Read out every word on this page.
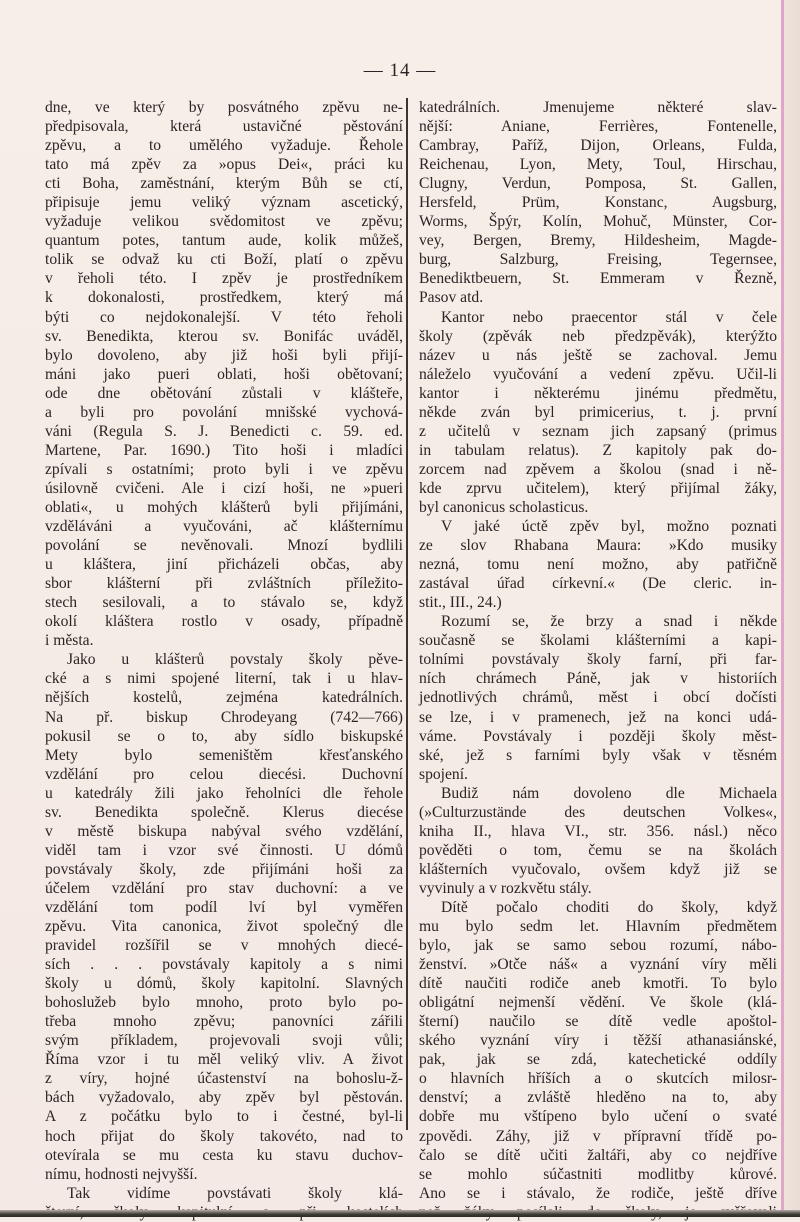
— 14 —
dne, ve který by posvátného zpěvu ne-
předpisovala, která ustavičné pěstování
zpěvu, a to umělého vyžaduje. Řehole
tato má zpěv za »opus Dei«, práci ku
cti Boha, zaměstnání, kterým Bůh se ctí,
připisuje jemu veliký význam ascetický,
vyžaduje velikou svědomitost ve zpěvu;
quantum potes, tantum aude, kolik můžeš,
tolik se odvaž ku cti Boží, platí o zpěvu
v řeholi této. I zpěv je prostředníkem
k dokonalosti, prostředkem, který má
býti co nejdokonalejší. V této řeholi
sv. Benedikta, kterou sv. Bonifác uváděl,
bylo dovoleno, aby již hoši byli přijí-
máni jako pueri oblati, hoši obětovaní;
ode dne obětování zůstali v klášteře,
a byli pro povolání mnišské vychová-
váni (Regula S. J. Benedicti c. 59. ed.
Martene, Par. 1690.) Tito hoši i mladíci
zpívali s ostatními; proto byli i ve zpěvu
úsilovně cvičeni. Ale i cizí hoši, ne »pueri
oblati«, u mohých klášterů byli přijímáni,
vzděláváni a vyučováni, ač klášternímu
povolání se nevěnovali. Mnozí bydlili
u kláštera, jiní přicházeli občas, aby
sbor klášterní při zvláštních příležito-
stech sesilovali, a to stávalo se, když
okolí kláštera rostlo v osady, případně
i města.
Jako u klášterů povstaly školy pěve-
cké a s nimi spojené literní, tak i u hlav-
nějších kostelů, zejména katedrálních.
Na př. biskup Chrodeyang (742—766)
pokusil se o to, aby sídlo biskupské
Mety bylo semeništěm křesťanského
vzdělání pro celou diecési. Duchovní
u katedrály žili jako řeholníci dle řehole
sv. Benedikta společně. Klerus diecése
v městě biskupa nabýval svého vzdělání,
viděl tam i vzor své činnosti. U dómů
povstávaly školy, zde přijímáni hoši za
účelem vzdělání pro stav duchovní: a ve
vzdělání tom podíl lví byl vyměřen
zpěvu. Vita canonica, život společný dle
pravidel rozšířil se v mnohých diecé-
sích . . . povstávaly kapitoly a s nimi
školy u dómů, školy kapitolní. Slavných
bohoslužeb bylo mnoho, proto bylo po-
třeba mnoho zpěvu; panovníci zářili
svým příkladem, projevovali svoji vůli;
Říma vzor i tu měl veliký vliv. A život
z víry, hojné účastenství na bohoslu-ž-
bách vyžadovalo, aby zpěv byl pěstován.
A z počátku bylo to i čestné, byl-li
hoch přijat do školy takovéto, nad to
otevírala se mu cesta ku stavu duchov-
nímu, hodnosti nejvyšší.
Tak vidíme povstávati školy klá-
katedrálních. Jmenujeme některé slav-
nější: Aniane, Ferrières, Fontenelle,
Cambray, Paříž, Dijon, Orleans, Fulda,
Reichenau, Lyon, Mety, Toul, Hirschau,
Clugny, Verdun, Pomposa, St. Gallen,
Hersfeld, Prüm, Konstanc, Augsburg,
Worms, Špýr, Kolín, Mohuč, Münster, Cor-
vey, Bergen, Bremy, Hildesheim, Magde-
burg, Salzburg, Freising, Tegernsee,
Benediktbeuern, St. Emmeram v Řezně,
Pasov atd.
Kantor nebo praecentor stál v čele
školy (zpěvák neb předzpěvák), kterýžto
název u nás ještě se zachoval. Jemu
náleželo vyučování a vedení zpěvu. Učil-li
kantor i některému jinému předmětu,
někde zván byl primicerius, t. j. první
z učitelů v seznam jich zapsaný (primus
in tabulam relatus). Z kapitoly pak do-
zorcem nad zpěvem a školou (snad i ně-
kde zprvu učitelem), který přijímal žáky,
byl canonicus scholasticus.
V jaké úctě zpěv byl, možno poznati
ze slov Rhabana Maura: »Kdo musiky
nezná, tomu není možno, aby patřičně
zastával úřad církevní.« (De cleric. in-
stit., III., 24.)
Rozumí se, že brzy a snad i někde
současně se školami klášterními a kapi-
tolními povstávaly školy farní, při far-
ních chrámech Páně, jak v historiích
jednotlivých chrámů, měst i obcí dočísti
se lze, i v pramenech, jež na konci udá-
váme. Povstávaly i později školy měst-
ské, jež s farními byly však v těsném
spojení.
Budiž nám dovoleno dle Michaela
(»Culturzustände des deutschen Volkes«,
kniha II., hlava VI., str. 356. násl.) něco
pověděti o tom, čemu se na školách
klášterních vyučovalo, ovšem když již se
vyvinuly a v rozkvětu stály.
Dítě počalo choditi do školy, když
mu bylo sedm let. Hlavním předmětem
bylo, jak se samo sebou rozumí, nábo-
ženství. »Otče náš« a vyznání víry měli
dítě naučiti rodiče aneb kmotři. To bylo
obligátní nejmenší vědění. Ve škole (klá-
šterní) naučilo se dítě vedle apoštol-
ského vyznání víry i těžší athanasiánské,
pak, jak se zdá, katechetické oddíly
o hlavních hříších a o skutcích milosr-
denství; a zvláště hleděno na to, aby
dobře mu vštípeno bylo učení o svaté
zpovědi. Záhy, již v přípravní třídě po-
čalo se dítě učiti žaltáři, aby co nejdříve
se mohlo súčastniti modlitby kůrové.
Ano se i stávalo, že rodiče, ještě dříve
